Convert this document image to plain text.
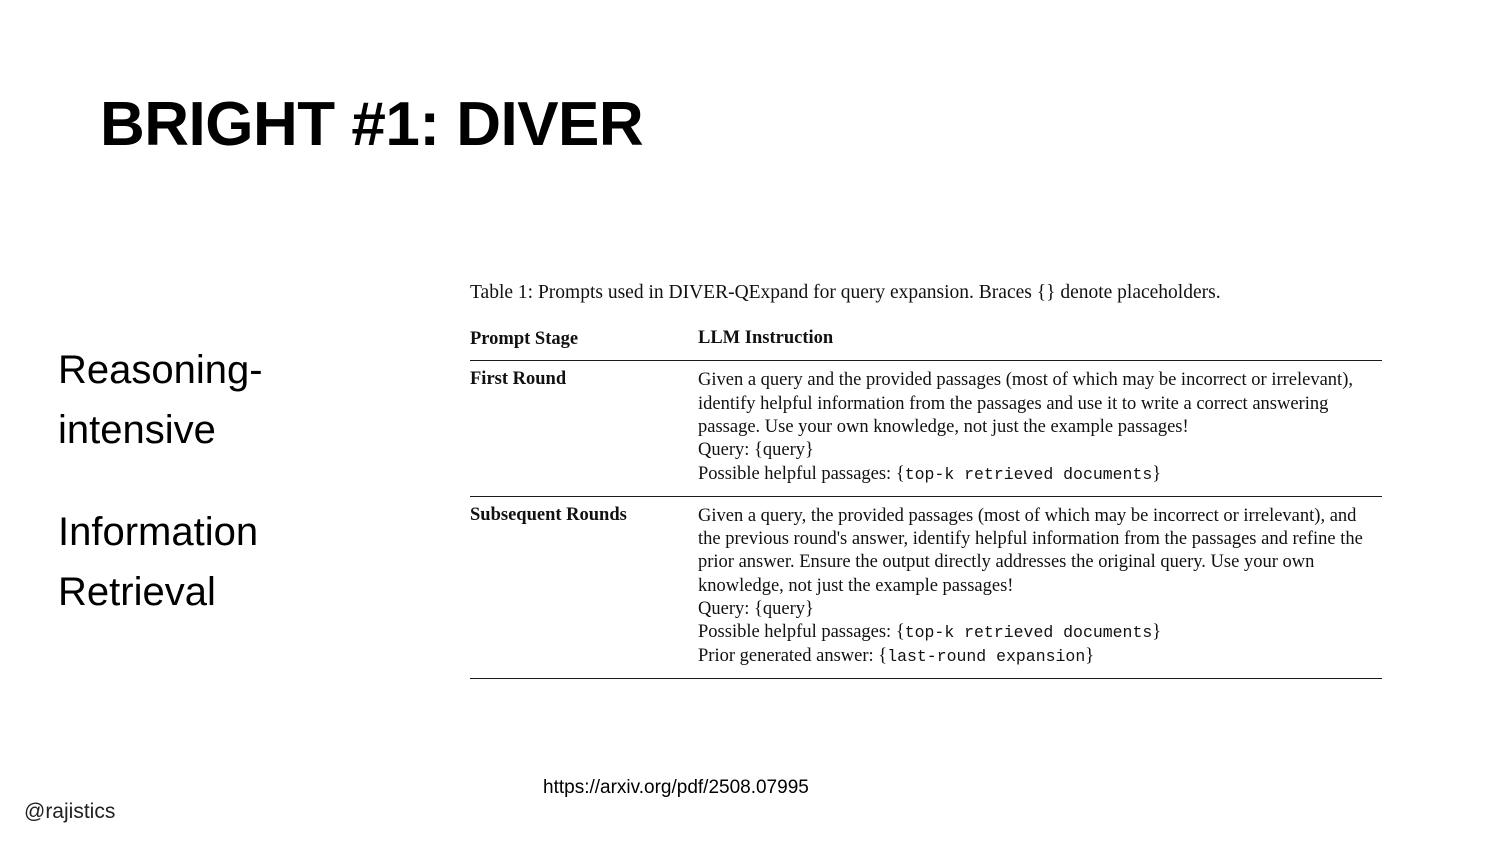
BRIGHT #1: DIVER
Reasoning-intensive
Information Retrieval
Table 1: Prompts used in DIVER-QExpand for query expansion. Braces {} denote placeholders.
Prompt Stage	LLM Instruction
First Round	Given a query and the provided passages (most of which may be incorrect or irrelevant), identify helpful information from the passages and use it to write a correct answering passage. Use your own knowledge, not just the example passages!
Query: {query}
Possible helpful passages: {top-k retrieved documents}

Subsequent Rounds	Given a query, the provided passages (most of which may be incorrect or irrelevant), and the previous round's answer, identify helpful information from the passages and refine the prior answer. Ensure the output directly addresses the original query. Use your own knowledge, not just the example passages!
Query: {query}
Possible helpful passages: {top-k retrieved documents}
Prior generated answer: {last-round expansion}
https://arxiv.org/pdf/2508.07995
@rajistics
